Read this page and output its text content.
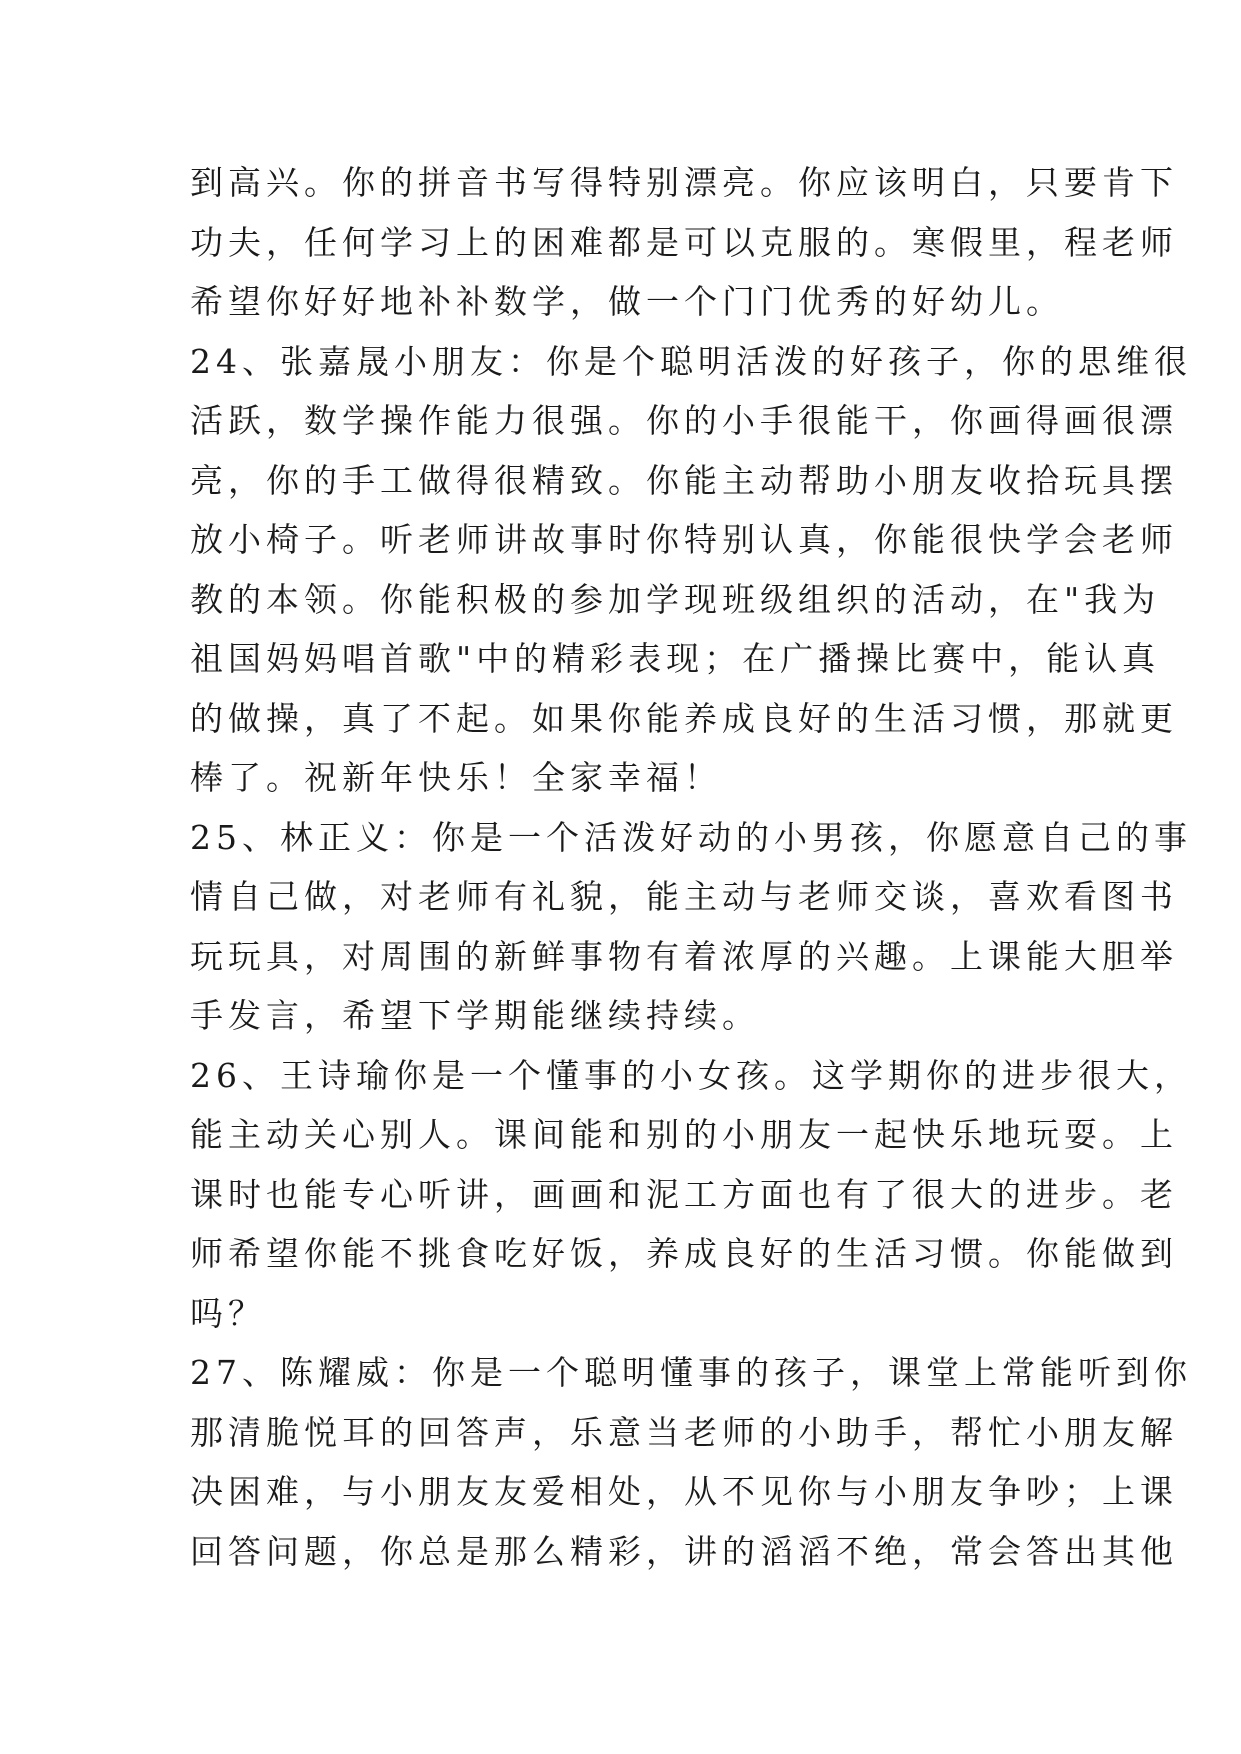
到高兴。你的拼音书写得特别漂亮。你应该明白，只要肯下
功夫，任何学习上的困难都是可以克服的。寒假里，程老师
希望你好好地补补数学，做一个门门优秀的好幼儿。
24、张嘉晟小朋友：你是个聪明活泼的好孩子，你的思维很
活跃，数学操作能力很强。你的小手很能干，你画得画很漂
亮，你的手工做得很精致。你能主动帮助小朋友收拾玩具摆
放小椅子。听老师讲故事时你特别认真，你能很快学会老师
教的本领。你能积极的参加学现班级组织的活动，在"我为
祖国妈妈唱首歌"中的精彩表现；在广播操比赛中，能认真
的做操，真了不起。如果你能养成良好的生活习惯，那就更
棒了。祝新年快乐！全家幸福！
25、林正义：你是一个活泼好动的小男孩，你愿意自己的事
情自己做，对老师有礼貌，能主动与老师交谈，喜欢看图书
玩玩具，对周围的新鲜事物有着浓厚的兴趣。上课能大胆举
手发言，希望下学期能继续持续。
26、王诗瑜你是一个懂事的小女孩。这学期你的进步很大，
能主动关心别人。课间能和别的小朋友一起快乐地玩耍。上
课时也能专心听讲，画画和泥工方面也有了很大的进步。老
师希望你能不挑食吃好饭，养成良好的生活习惯。你能做到
吗？
27、陈耀威：你是一个聪明懂事的孩子，课堂上常能听到你
那清脆悦耳的回答声，乐意当老师的小助手，帮忙小朋友解
决困难，与小朋友友爱相处，从不见你与小朋友争吵；上课
回答问题，你总是那么精彩，讲的滔滔不绝，常会答出其他
